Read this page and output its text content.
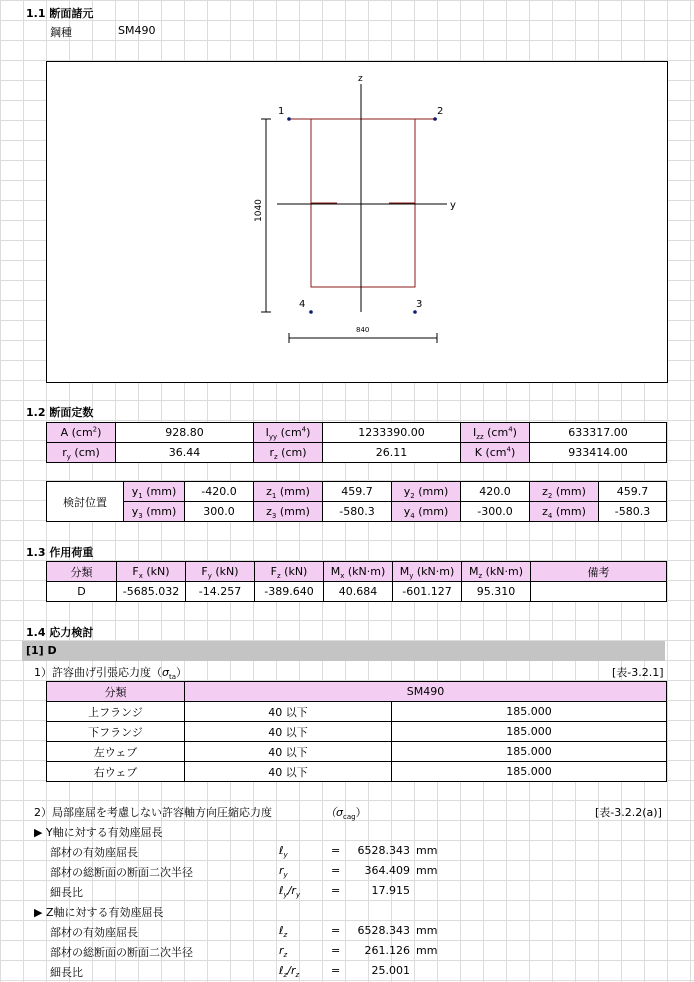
1.1 断面諸元
鋼種	SM490
z
y
1	2
3
4
1040
840
1.2 断面定数
A $(cm^2)$	928.80	$I_{yy}$ $(cm^4)$	1233390.00	$I_{zz}$ $(cm^4)$	633317.00
$r_y$ (cm)	36.44	$r_z$ (cm)	26.11	K $(cm^4)$	933414.00
検討位置	$y_1$ (mm)	-420.0	$z_1$ (mm)	459.7	$y_2$ (mm)	420.0	$z_2$ (mm)	459.7
	$y_3$ (mm)	300.0	$z_3$ (mm)	-580.3	$y_4$ (mm)	-300.0	$z_4$ (mm)	-580.3
1.3 作用荷重
分類	$F_x$ (kN)	$F_y$ (kN)	$F_z$ (kN)	$M_x$ (kN·m)	$M_y$ (kN·m)	$M_z$ (kN·m)	備考
D	-5685.032	-14.257	-389.640	40.684	-601.127	95.310	
1.4 応力検討
[1] D
1）許容曲げ引張応力度$(\sigma_{ta})$	[表-3.2.1]
分類	SM490	
上フランジ	40 以下	185.000
下フランジ	40 以下	185.000
左ウェブ	40 以下	185.000
右ウェブ	40 以下	185.000
2）局部座屈を考慮しない許容軸方向圧縮応力度	$(\sigma_{cag})$	[表-3.2.2(a)]
▶ Y軸に対する有効座屈長
部材の有効座屈長	ℓ$_y$	=	6528.343 mm
部材の総断面の断面二次半径	$r_y$	=	364.409 mm
細長比	$\ell_y/r_y$	=	17.915
▶ Z軸に対する有効座屈長
部材の有効座屈長	ℓ$_z$	=	6528.343 mm
部材の総断面の断面二次半径	$r_z$	=	261.126 mm
細長比	$\ell_z/r_z$	=	25.001
